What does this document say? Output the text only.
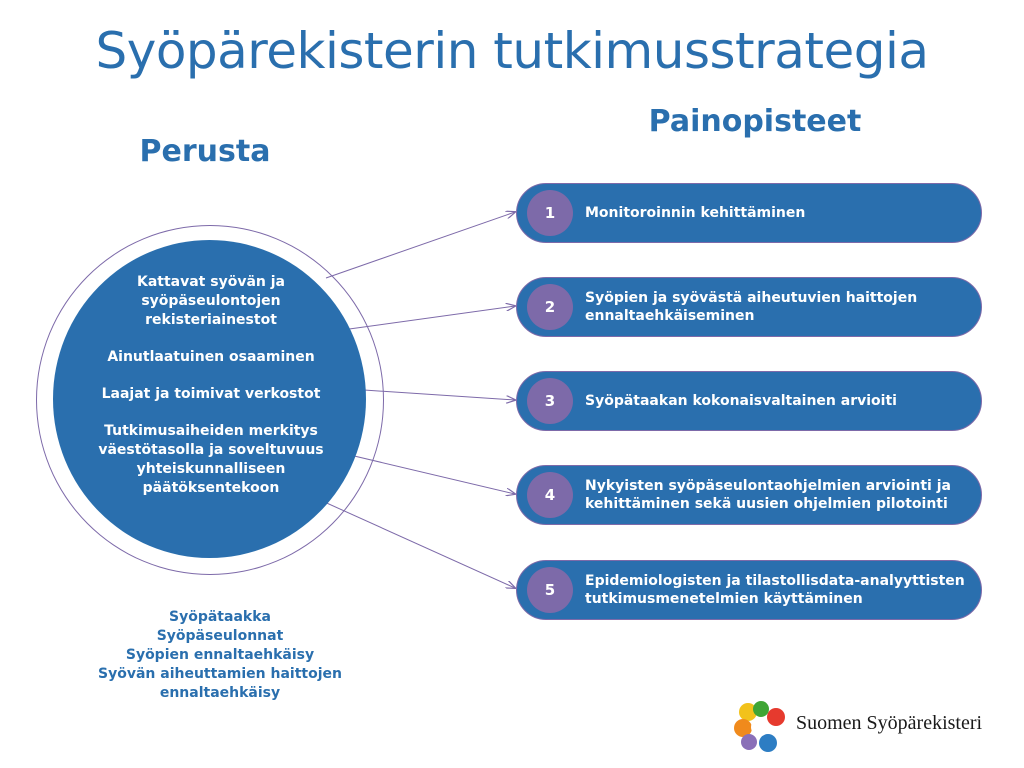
Syöpärekisterin tutkimusstrategia
Perusta
Painopisteet

Kattavat syövän ja syöpäseulontojen rekisteriainestot

Ainutlaatuinen osaaminen

Laajat ja toimivat verkostot

Tutkimusaiheiden merkitys väestötasolla ja soveltuvuus yhteiskunnalliseen päätöksentekoon

1	Monitoroinnin kehittäminen
2	Syöpien ja syövästä aiheutuvien haittojen ennaltaehkäiseminen
3	Syöpätaakan kokonaisvaltainen arvioiti
4	Nykyisten syöpäseulontaohjelmien arviointi ja kehittäminen sekä uusien ohjelmien pilotointi
5	Epidemiologisten ja tilastollisdata-analyyttisten tutkimusmenetelmien käyttäminen
Syöpätaakka
Syöpäseulonnat
Syöpien ennaltaehkäisy
Syövän aiheuttamien haittojen ennaltaehkäisy
Suomen Syöpärekisteri
